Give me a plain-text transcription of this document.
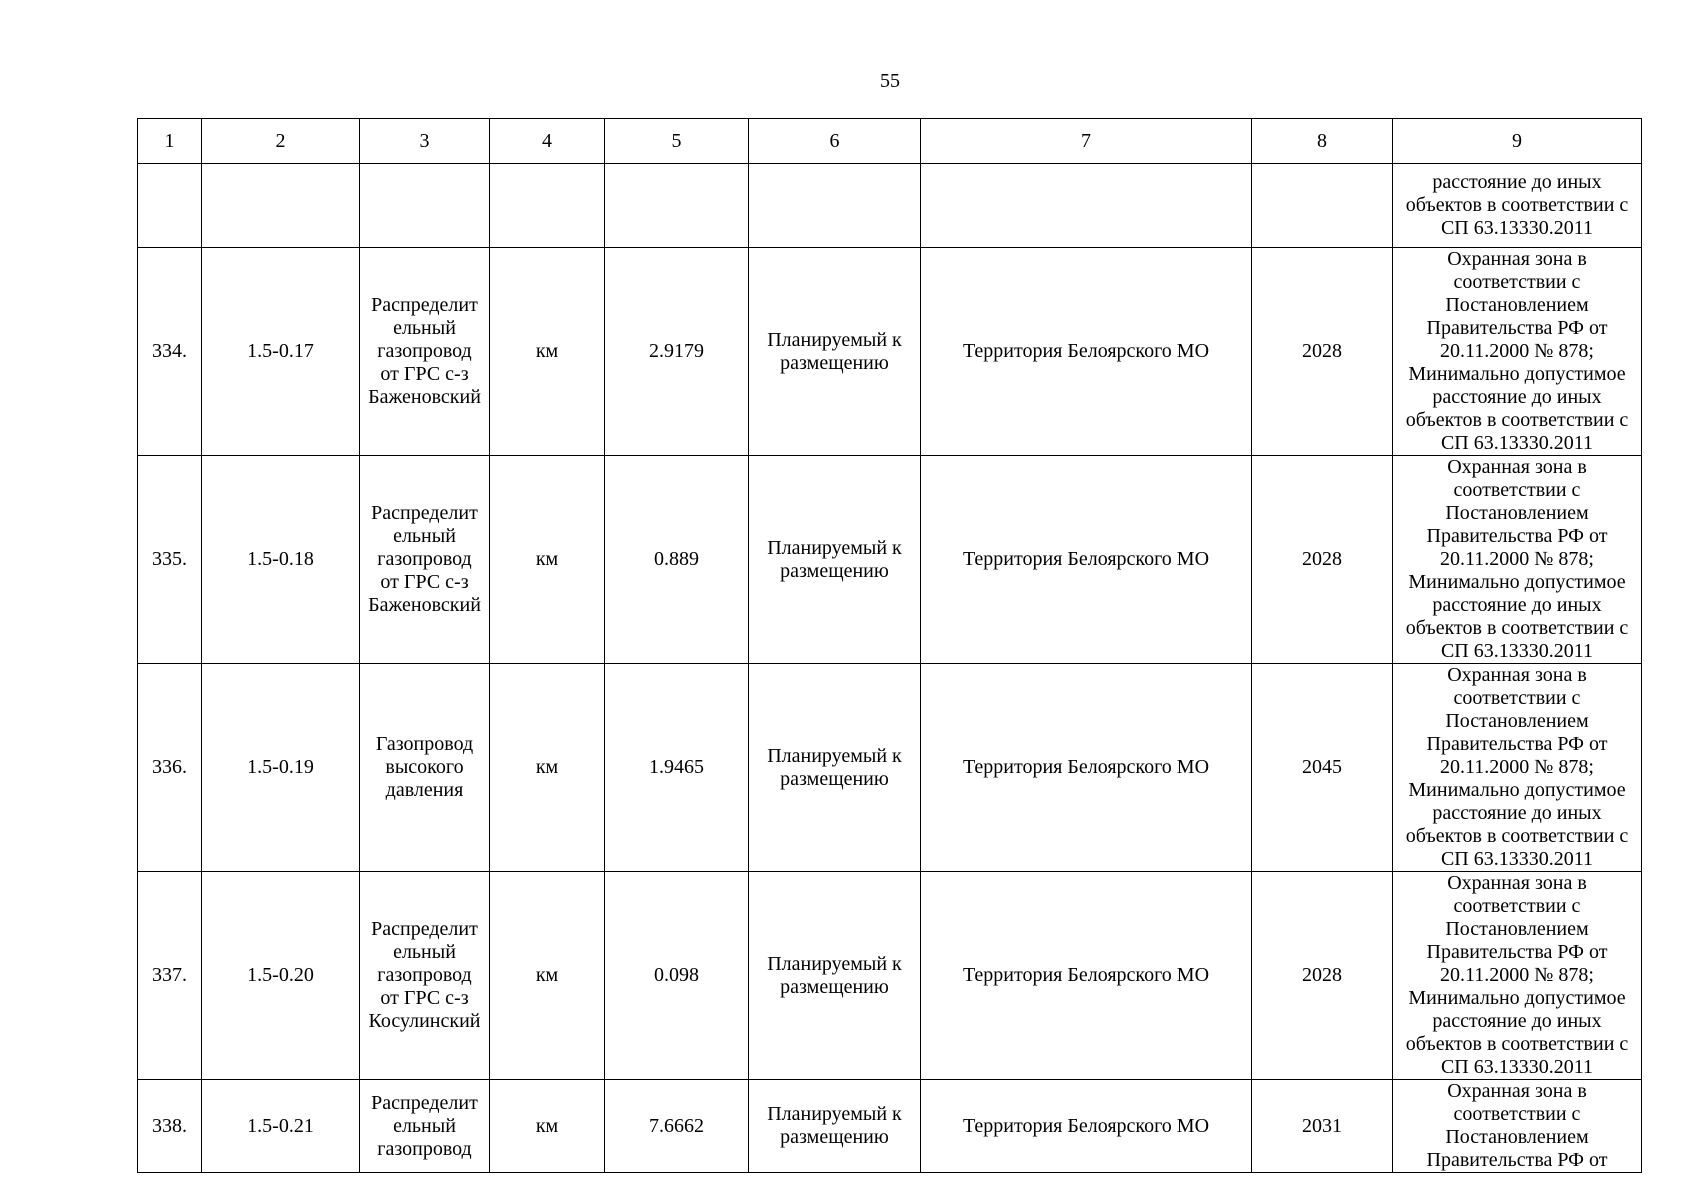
55
1	2	3	4	5	6	7	8	9
								расстояние до иных объектов в соответствии с СП 63.13330.2011
334.	1.5-0.17	Распределит
ельный
газопровод
от ГРС с-з
Баженовский	км	2.9179	Планируемый к размещению	Территория Белоярского МО	2028	Охранная зона в соответствии с Постановлением Правительства РФ от 20.11.2000 № 878; Минимально допустимое расстояние до иных объектов в соответствии с СП 63.13330.2011
335.	1.5-0.18	Распределит
ельный
газопровод
от ГРС с-з
Баженовский	км	0.889	Планируемый к размещению	Территория Белоярского МО	2028	Охранная зона в соответствии с Постановлением Правительства РФ от 20.11.2000 № 878; Минимально допустимое расстояние до иных объектов в соответствии с СП 63.13330.2011
336.	1.5-0.19	Газопровод
высокого
давления	км	1.9465	Планируемый к размещению	Территория Белоярского МО	2045	Охранная зона в соответствии с Постановлением Правительства РФ от 20.11.2000 № 878; Минимально допустимое расстояние до иных объектов в соответствии с СП 63.13330.2011
337.	1.5-0.20	Распределит
ельный
газопровод
от ГРС с-з
Косулинский	км	0.098	Планируемый к размещению	Территория Белоярского МО	2028	Охранная зона в соответствии с Постановлением Правительства РФ от 20.11.2000 № 878; Минимально допустимое расстояние до иных объектов в соответствии с СП 63.13330.2011
338.	1.5-0.21	Распределит
ельный
газопровод	км	7.6662	Планируемый к размещению	Территория Белоярского МО	2031	Охранная зона в соответствии с Постановлением Правительства РФ от
